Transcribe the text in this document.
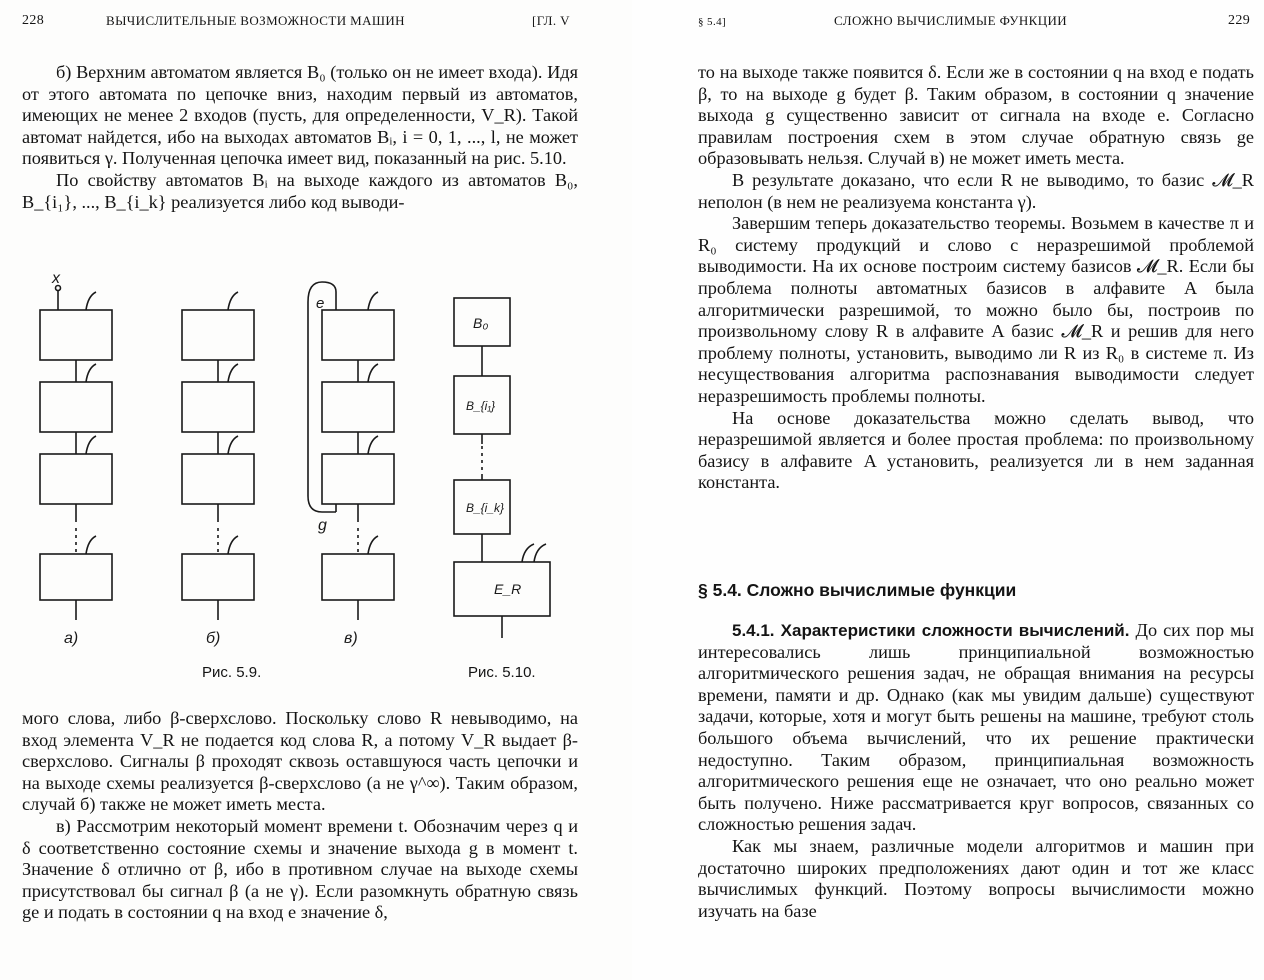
228	ВЫЧИСЛИТЕЛЬНЫЕ ВОЗМОЖНОСТИ МАШИН	[ГЛ. V

б) Верхним автоматом является B₀ (только он не имеет входа). Идя от этого автомата по цепочке вниз, находим первый из автоматов, имеющих не менее 2 входов (пусть, для определенности, V_R). Такой автомат найдется, ибо на выходах автоматов Bᵢ, i = 0, 1, ..., l, не может появиться γ. Полученная цепочка имеет вид, показанный на рис. 5.10.

По свойству автоматов Bᵢ на выходе каждого из автоматов B₀, B_{i₁}, ..., B_{i_k} реализуется либо код выводи-

x
e
g
a)	б)	в)
B₀
B_{i₁}
B_{i_k}
E_R
Рис. 5.9.	Рис. 5.10.

мого слова, либо β-сверхслово. Поскольку слово R невыводимо, на вход элемента V_R не подается код слова R, а потому V_R выдает β-сверхслово. Сигналы β проходят сквозь оставшуюся часть цепочки и на выходе схемы реализуется β-сверхслово (а не γ^∞). Таким образом, случай б) также не может иметь места.

в) Рассмотрим некоторый момент времени t. Обозначим через q и δ соответственно состояние схемы и значение выхода g в момент t. Значение δ отлично от β, ибо в противном случае на выходе схемы присутствовал бы сигнал β (а не γ). Если разомкнуть обратную связь ge и подать в состоянии q на вход e значение δ,

§ 5.4]	СЛОЖНО ВЫЧИСЛИМЫЕ ФУНКЦИИ	229

то на выходе также появится δ. Если же в состоянии q на вход e подать β, то на выходе g будет β. Таким образом, в состоянии q значение выхода g существенно зависит от сигнала на входе e. Согласно правилам построения схем в этом случае обратную связь ge образовывать нельзя. Случай в) не может иметь места.

В результате доказано, что если R не выводимо, то базис 𝓜_R неполон (в нем не реализуема константа γ).

Завершим теперь доказательство теоремы. Возьмем в качестве π и R₀ систему продукций и слово с неразрешимой проблемой выводимости. На их основе построим систему базисов 𝓜_R. Если бы проблема полноты автоматных базисов в алфавите A была алгоритмически разрешимой, то можно было бы, построив по произвольному слову R в алфавите A базис 𝓜_R и решив для него проблему полноты, установить, выводимо ли R из R₀ в системе π. Из несуществования алгоритма распознавания выводимости следует неразрешимость проблемы полноты.

На основе доказательства можно сделать вывод, что неразрешимой является и более простая проблема: по произвольному базису в алфавите A установить, реализуется ли в нем заданная константа.

§ 5.4. Сложно вычислимые функции

5.4.1. Характеристики сложности вычислений. До сих пор мы интересовались лишь принципиальной возможностью алгоритмического решения задач, не обращая внимания на ресурсы времени, памяти и др. Однако (как мы увидим дальше) существуют задачи, которые, хотя и могут быть решены на машине, требуют столь большого объема вычислений, что их решение практически недоступно. Таким образом, принципиальная возможность алгоритмического решения еще не означает, что оно реально может быть получено. Ниже рассматривается круг вопросов, связанных со сложностью решения задач.

Как мы знаем, различные модели алгоритмов и машин при достаточно широких предположениях дают один и тот же класс вычислимых функций. Поэтому вопросы вычислимости можно изучать на базе
